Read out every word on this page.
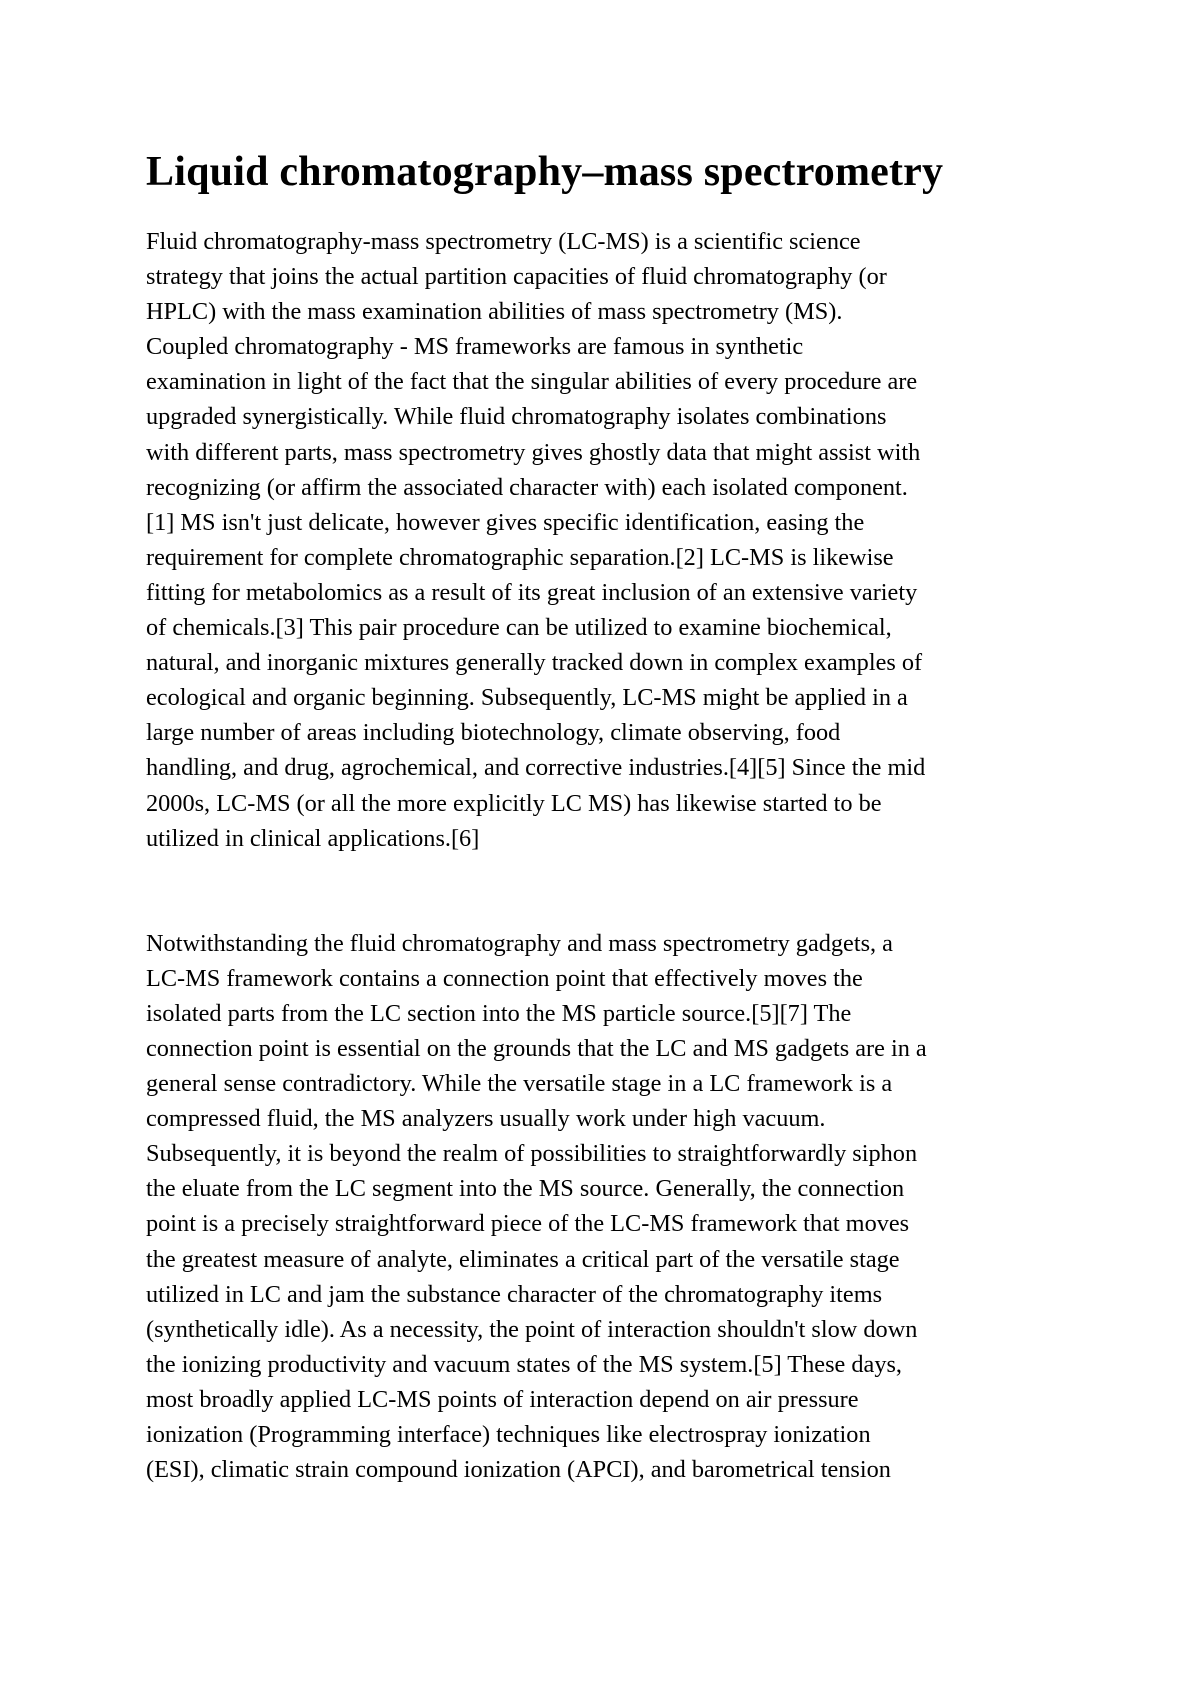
Liquid chromatography–mass spectrometry
Fluid chromatography-mass spectrometry (LC-MS) is a scientific science
strategy that joins the actual partition capacities of fluid chromatography (or
HPLC) with the mass examination abilities of mass spectrometry (MS).
Coupled chromatography - MS frameworks are famous in synthetic
examination in light of the fact that the singular abilities of every procedure are
upgraded synergistically. While fluid chromatography isolates combinations
with different parts, mass spectrometry gives ghostly data that might assist with
recognizing (or affirm the associated character with) each isolated component.
[1] MS isn't just delicate, however gives specific identification, easing the
requirement for complete chromatographic separation.[2] LC-MS is likewise
fitting for metabolomics as a result of its great inclusion of an extensive variety
of chemicals.[3] This pair procedure can be utilized to examine biochemical,
natural, and inorganic mixtures generally tracked down in complex examples of
ecological and organic beginning. Subsequently, LC-MS might be applied in a
large number of areas including biotechnology, climate observing, food
handling, and drug, agrochemical, and corrective industries.[4][5] Since the mid
2000s, LC-MS (or all the more explicitly LC MS) has likewise started to be
utilized in clinical applications.[6]
Notwithstanding the fluid chromatography and mass spectrometry gadgets, a
LC-MS framework contains a connection point that effectively moves the
isolated parts from the LC section into the MS particle source.[5][7] The
connection point is essential on the grounds that the LC and MS gadgets are in a
general sense contradictory. While the versatile stage in a LC framework is a
compressed fluid, the MS analyzers usually work under high vacuum.
Subsequently, it is beyond the realm of possibilities to straightforwardly siphon
the eluate from the LC segment into the MS source. Generally, the connection
point is a precisely straightforward piece of the LC-MS framework that moves
the greatest measure of analyte, eliminates a critical part of the versatile stage
utilized in LC and jam the substance character of the chromatography items
(synthetically idle). As a necessity, the point of interaction shouldn't slow down
the ionizing productivity and vacuum states of the MS system.[5] These days,
most broadly applied LC-MS points of interaction depend on air pressure
ionization (Programming interface) techniques like electrospray ionization
(ESI), climatic strain compound ionization (APCI), and barometrical tension
